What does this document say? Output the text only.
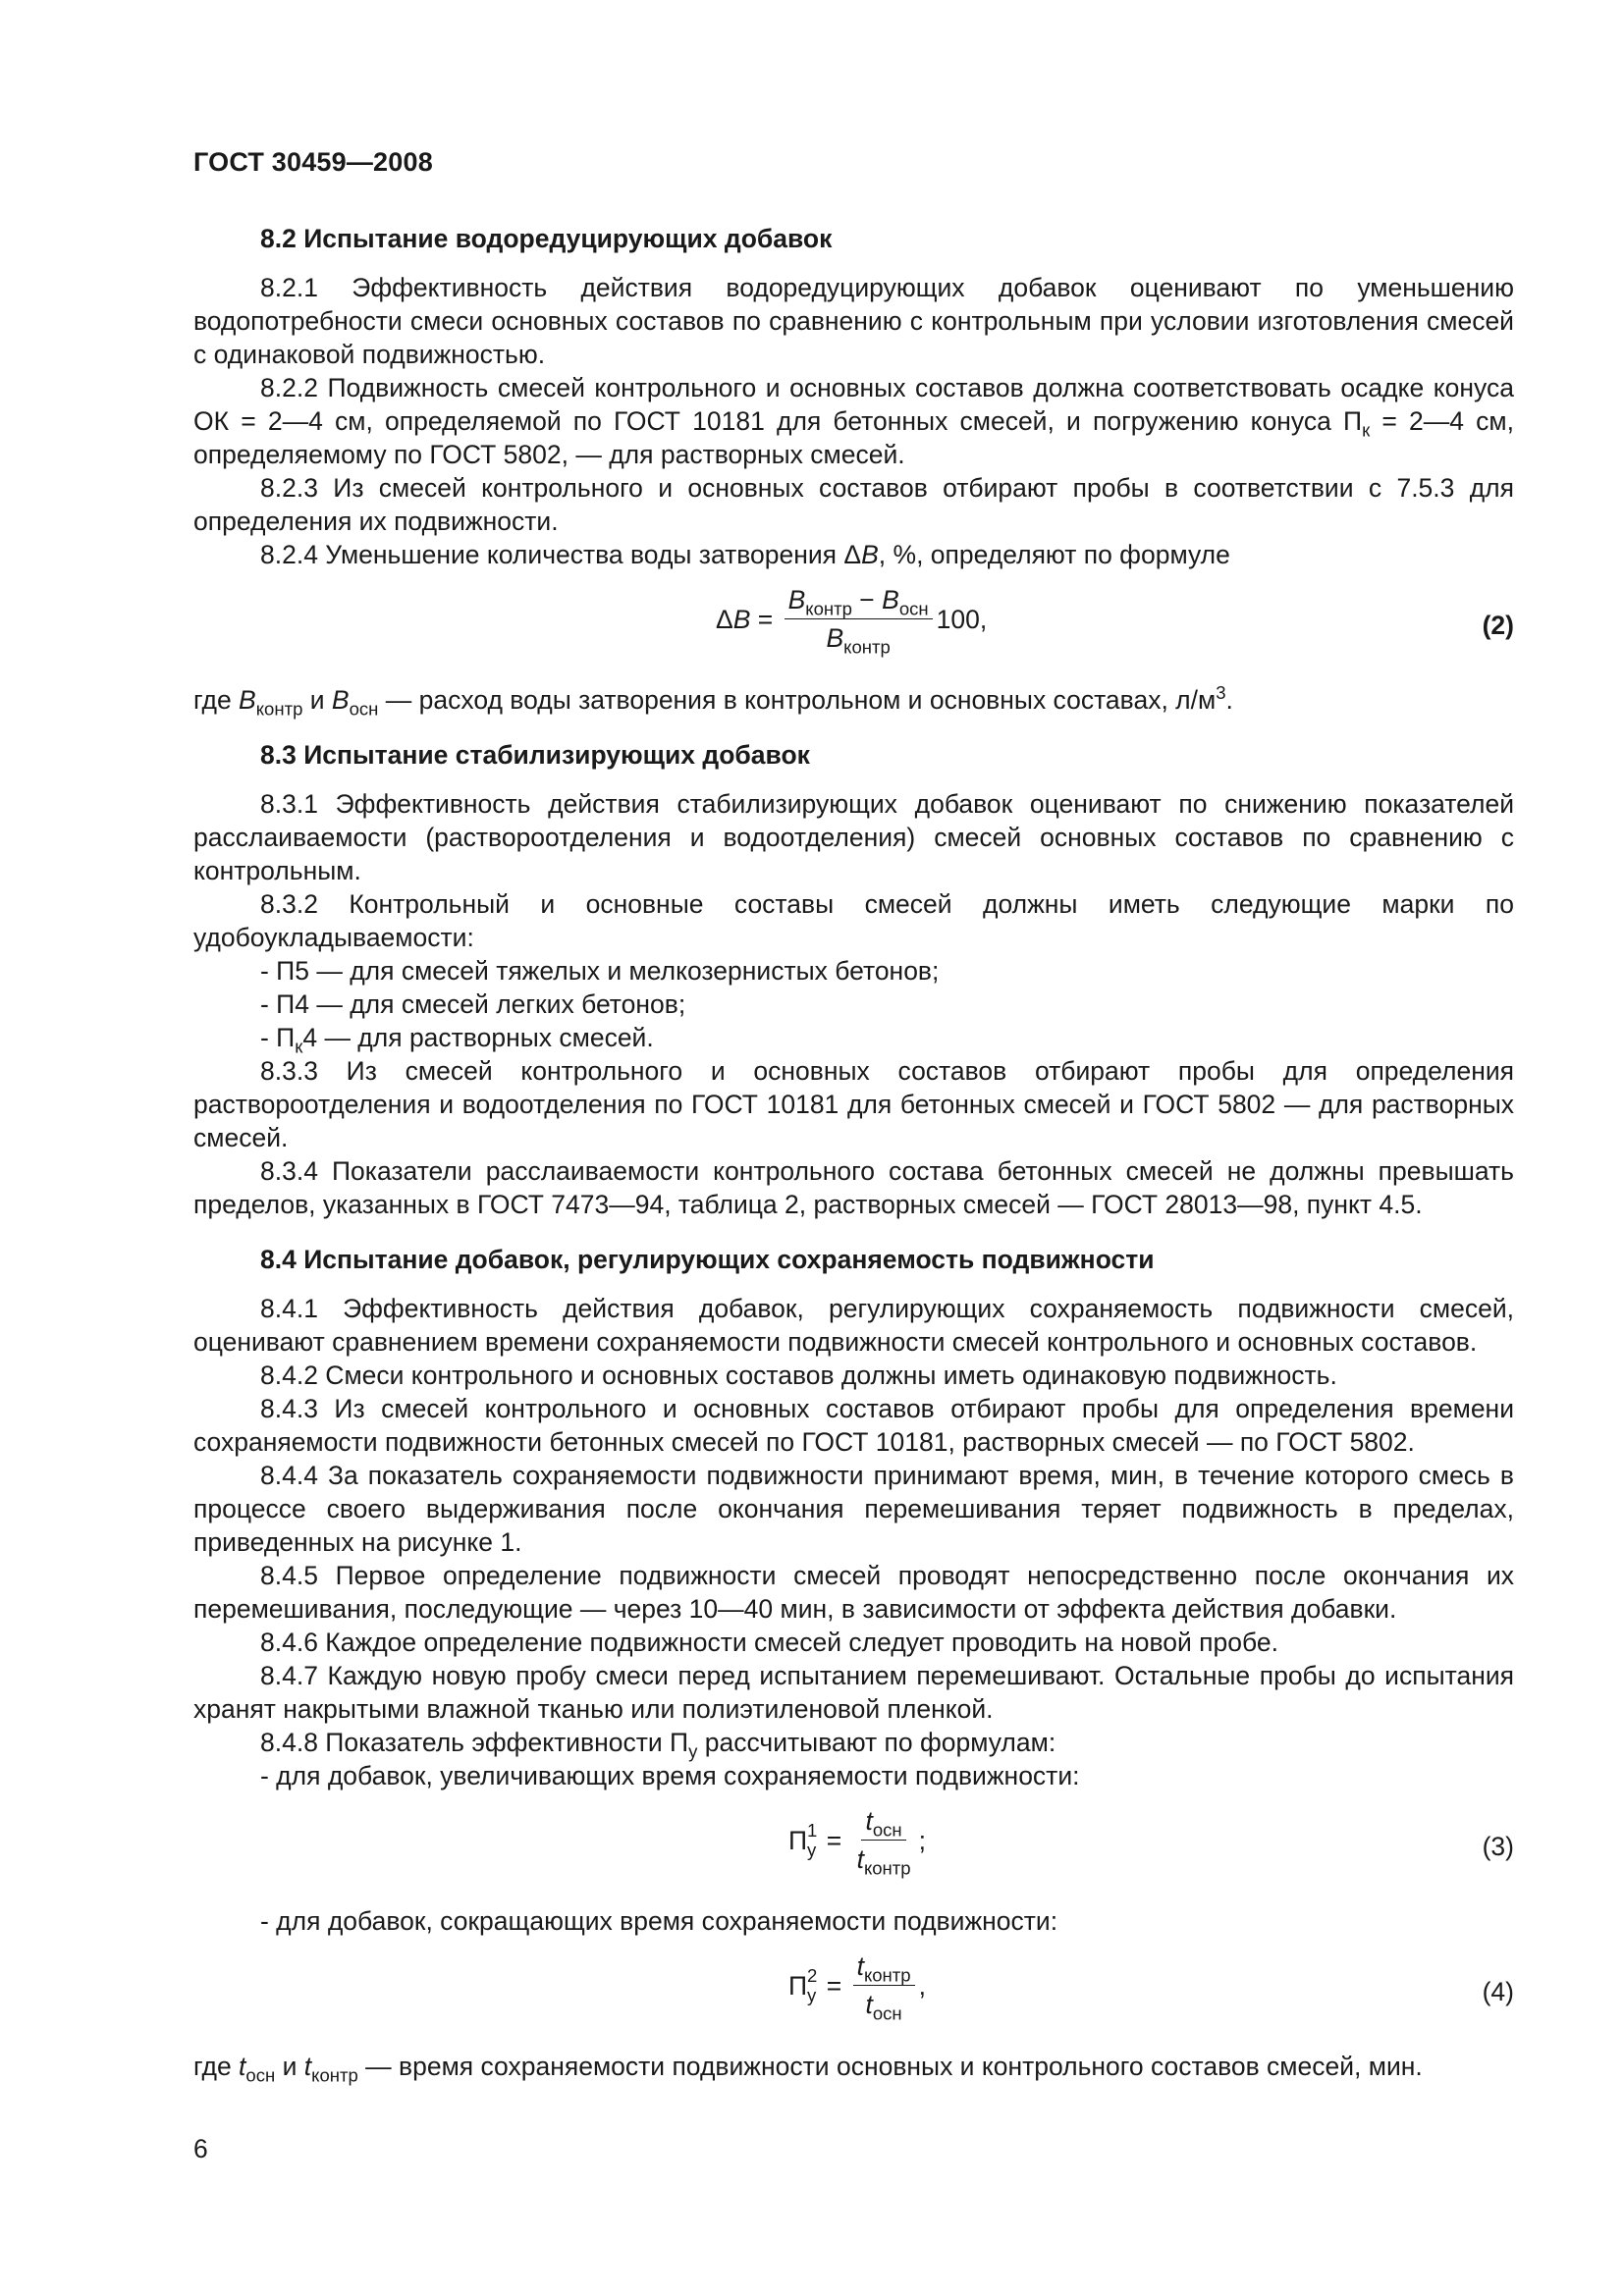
ГОСТ 30459—2008
8.2 Испытание водоредуцирующих добавок

8.2.1 Эффективность действия водоредуцирующих добавок оценивают по уменьшению водопотребности смеси основных составов по сравнению с контрольным при условии изготовления смесей с одинаковой подвижностью.

8.2.2 Подвижность смесей контрольного и основных составов должна соответствовать осадке конуса ОК = 2—4 см, определяемой по ГОСТ 10181 для бетонных смесей, и погружению конуса $П_к$ = 2—4 см, определяемому по ГОСТ 5802, — для растворных смесей.

8.2.3 Из смесей контрольного и основных составов отбирают пробы в соответствии с 7.5.3 для определения их подвижности.

8.2.4 Уменьшение количества воды затворения ΔВ, %, определяют по формуле

Δ $В = \frac{В_{контр} - В_{осн}}{В_{контр}} 100$,	(2)

где $В_{контр}$ и $В_{осн}$ — расход воды затворения в контрольном и основных составах, $л/м^3$.

8.3 Испытание стабилизирующих добавок

8.3.1 Эффективность действия стабилизирующих добавок оценивают по снижению показателей расслаиваемости (раствороотделения и водоотделения) смесей основных составов по сравнению с контрольным.

8.3.2 Контрольный и основные составы смесей должны иметь следующие марки по удобоукладываемости:

- П5 — для смесей тяжелых и мелкозернистых бетонов;

- П4 — для смесей легких бетонов;

- $П_к4$ — для растворных смесей.

8.3.3 Из смесей контрольного и основных составов отбирают пробы для определения раствороотделения и водоотделения по ГОСТ 10181 для бетонных смесей и ГОСТ 5802 — для растворных смесей.

8.3.4 Показатели расслаиваемости контрольного состава бетонных смесей не должны превышать пределов, указанных в ГОСТ 7473—94, таблица 2, растворных смесей — ГОСТ 28013—98, пункт 4.5.

8.4 Испытание добавок, регулирующих сохраняемость подвижности

8.4.1 Эффективность действия добавок, регулирующих сохраняемость подвижности смесей, оценивают сравнением времени сохраняемости подвижности смесей контрольного и основных составов.

8.4.2 Смеси контрольного и основных составов должны иметь одинаковую подвижность.

8.4.3 Из смесей контрольного и основных составов отбирают пробы для определения времени сохраняемости подвижности бетонных смесей по ГОСТ 10181, растворных смесей — по ГОСТ 5802.

8.4.4 За показатель сохраняемости подвижности принимают время, мин, в течение которого смесь в процессе своего выдерживания после окончания перемешивания теряет подвижность в пределах, приведенных на рисунке 1.

8.4.5 Первое определение подвижности смесей проводят непосредственно после окончания их перемешивания, последующие — через 10—40 мин, в зависимости от эффекта действия добавки.

8.4.6 Каждое определение подвижности смесей следует проводить на новой пробе.

8.4.7 Каждую новую пробу смеси перед испытанием перемешивают. Остальные пробы до испытания хранят накрытыми влажной тканью или полиэтиленовой пленкой.

8.4.8 Показатель эффективности $П_у$ рассчитывают по формулам:

- для добавок, увеличивающих время сохраняемости подвижности:

П 1
$у = \frac{t_{осн}}{t_{контр}}$ ;	(3)

- для добавок, сокращающих время сохраняемости подвижности:

П 2
$у = \frac{t_{контр}}{t_{осн}}$ ,	(4)

где $t_{осн}$ и $t_{контр}$ — время сохраняемости подвижности основных и контрольного составов смесей, мин.

6
